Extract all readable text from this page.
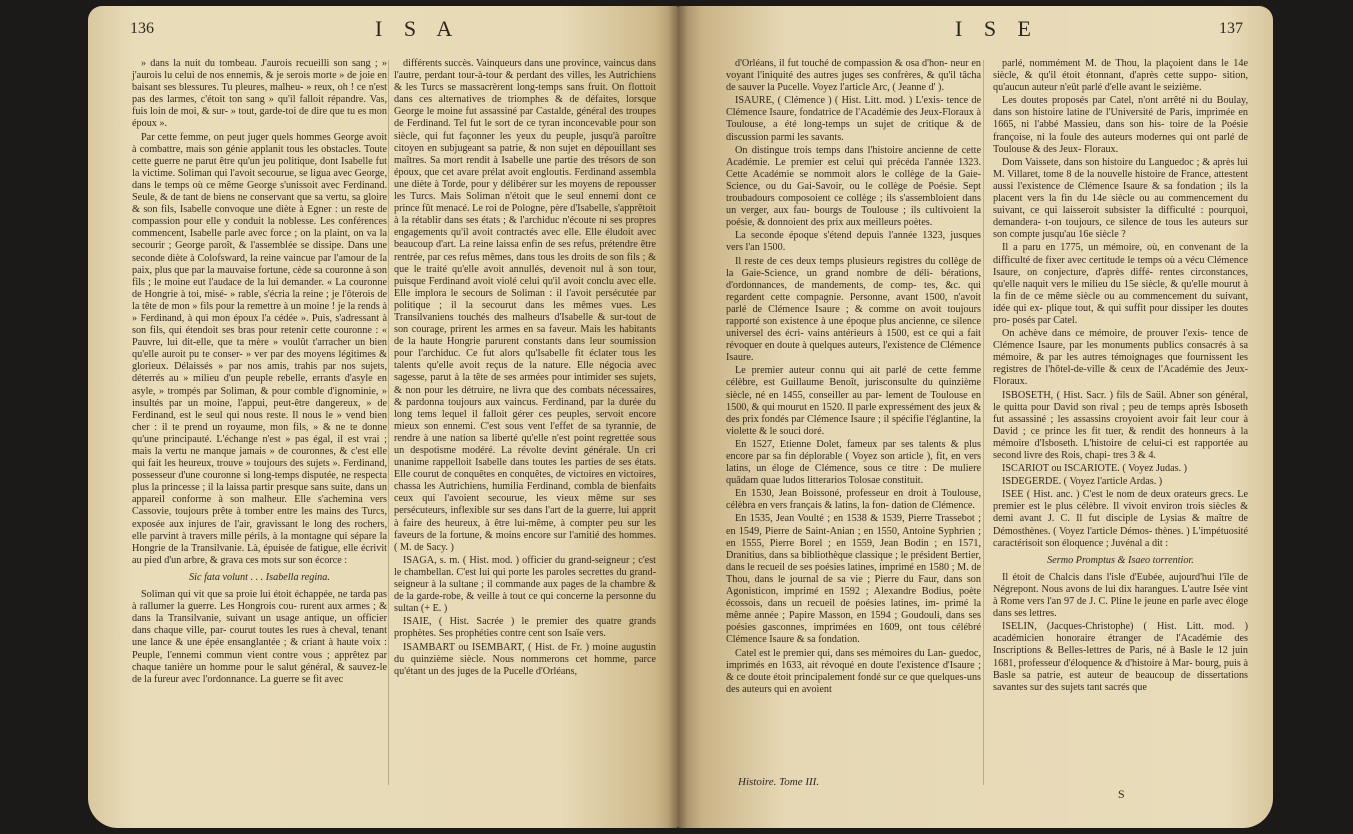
136	I S A

» dans la nuit du tombeau. J'aurois recueilli son sang ; » j'aurois lu celui de nos ennemis, & je serois morte » de joie en baisant ses blessures. Tu pleures, malheu- » reux, oh ! ce n'est pas des larmes, c'étoit ton sang » qu'il falloit répandre. Vas, fuis loin de moi, & sur- » tout, garde-toi de dire que tu es mon époux ».

Par cette femme, on peut juger quels hommes George avoit à combattre, mais son génie applanit tous les obstacles. Toute cette guerre ne parut être qu'un jeu politique, dont Isabelle fut la victime. Soliman qui l'avoit secourue, se ligua avec George, dans le temps où ce même George s'unissoit avec Ferdinand. Seule, & de tant de biens ne conservant que sa vertu, sa gloire & son fils, Isabelle convoque une diète à Egner : un reste de compassion pour elle y conduit la noblesse. Les conférences commencent, Isabelle parle avec force ; on la plaint, on va la secourir ; George paroît, & l'assemblée se dissipe. Dans une seconde diète à Colofsward, la reine vaincue par l'amour de la paix, plus que par la mauvaise fortune, cède sa couronne à son fils ; le moine eut l'audace de la lui demander. « La couronne de Hongrie à toi, misé- » rable, s'écria la reine ; je l'ôterois de la tête de mon » fils pour la remettre à un moine ! je la rends à » Ferdinand, à qui mon époux l'a cédée ». Puis, s'adressant à son fils, qui étendoit ses bras pour retenir cette couronne : « Pauvre, lui dit-elle, que ta mère » voulût t'arracher un bien qu'elle auroit pu te conser- » ver par des moyens légitimes & glorieux. Délaissés » par nos amis, trahis par nos sujets, déterrés au » milieu d'un peuple rebelle, errants d'asyle en asyle, » trompés par Soliman, & pour comble d'ignominie, » insultés par un moine, l'appui, peut-être dangereux, » de Ferdinand, est le seul qui nous reste. Il nous le » vend bien cher : il te prend un royaume, mon fils, » & ne te donne qu'une principauté. L'échange n'est » pas égal, il est vrai ; mais la vertu ne manque jamais » de couronnes, & c'est elle qui fait les heureux, trouve » toujours des sujets ». Ferdinand, possesseur d'une couronne si long-temps disputée, ne respecta plus la princesse ; il la laissa partir presque sans suite, dans un appareil conforme à son malheur. Elle s'achemina vers Cassovie, toujours prête à tomber entre les mains des Turcs, exposée aux injures de l'air, gravissant le long des rochers, elle parvint à travers mille périls, à la montagne qui sépare la Hongrie de la Transilvanie. Là, épuisée de fatigue, elle écrivit au pied d'un arbre, & grava ces mots sur son écorce :

Sic fata volunt . . . Isabella regina.

Soliman qui vit que sa proie lui étoit échappée, ne tarda pas à rallumer la guerre. Les Hongrois cou- rurent aux armes ; & dans la Transilvanie, suivant un usage antique, un officier dans chaque ville, par- courut toutes les rues à cheval, tenant une lance & une épée ensanglantée ; & criant à haute voix : Peuple, l'ennemi commun vient contre vous ; apprêtez par chaque tanière un homme pour le salut général, & sauvez-le de la fureur avec l'ordonnance. La guerre se fit avec

différents succès. Vainqueurs dans une province, vaincus dans l'autre, perdant tour-à-tour & perdant des villes, les Autrichiens & les Turcs se massacrèrent long-temps sans fruit. On flottoit dans ces alternatives de triomphes & de défaites, lorsque George le moine fut assassiné par Castalde, général des troupes de Ferdinand. Tel fut le sort de ce tyran inconcevable pour son siècle, qui fut façonner les yeux du peuple, jusqu'à paroître citoyen en subjugeant sa patrie, & non sujet en dépouillant ses maîtres. Sa mort rendit à Isabelle une partie des trésors de son époux, que cet avare prélat avoit engloutis. Ferdinand assembla une diète à Torde, pour y délibérer sur les moyens de repousser les Turcs. Mais Soliman n'étoit que le seul ennemi dont ce prince fût menacé. Le roi de Pologne, père d'Isabelle, s'apprêtoit à la rétablir dans ses états ; & l'archiduc n'écoute ni ses propres engagements qu'il avoit contractés avec elle. Elle éludoit avec beaucoup d'art. La reine laissa enfin de ses refus, prétendre être rentrée, par ces refus mêmes, dans tous les droits de son fils ; & que le traité qu'elle avoit annullés, devenoit nul à son tour, puisque Ferdinand avoit violé celui qu'il avoit conclu avec elle. Elle implora le secours de Soliman : il l'avoit persécutée par politique ; il la secourut dans les mêmes vues. Les Transilvaniens touchés des malheurs d'Isabelle & sur-tout de son courage, prirent les armes en sa faveur. Mais les habitants de la haute Hongrie parurent constants dans leur soumission pour l'archiduc. Ce fut alors qu'Isabelle fit éclater tous les talents qu'elle avoit reçus de la nature. Elle négocia avec sagesse, parut à la tête de ses armées pour intimider ses sujets, & non pour les détruire, ne livra que des combats nécessaires, & pardonna toujours aux vaincus. Ferdinand, par la durée du long tems lequel il falloit gérer ces peuples, servoit encore mieux son ennemi. C'est sous vent l'effet de sa tyrannie, de rendre à une nation sa liberté qu'elle n'est point regrettée sous un despotisme modéré. La révolte devint générale. Un cri unanime rappelloit Isabelle dans toutes les parties de ses états. Elle courut de conquêtes en conquêtes, de victoires en victoires, chassa les Autrichiens, humilia Ferdinand, combla de bienfaits ceux qui l'avoient secourue, les vieux même sur ses persécuteurs, inflexible sur ses dans l'art de la guerre, lui apprit à faire des heureux, à être lui-même, à compter peu sur les faveurs de la fortune, & moins encore sur l'amitié des hommes. ( M. de Sacy. )

ISAGA, s. m. ( Hist. mod. ) officier du grand-seigneur ; c'est le chambellan. C'est lui qui porte les paroles secrettes du grand-seigneur à la sultane ; il commande aux pages de la chambre & de la garde-robe, & veille à tout ce qui concerne la personne du sultan (+ E. )

ISAIE, ( Hist. Sacrée ) le premier des quatre grands prophètes. Ses prophéties contre cent son Isaïe vers.

ISAMBART ou ISEMBART, ( Hist. de Fr. ) moine augustin du quinzième siècle. Nous nommerons cet homme, parce qu'étant un des juges de la Pucelle d'Orléans,

I S E	137

d'Orléans, il fut touché de compassion & osa d'hon- neur en voyant l'iniquité des autres juges ses confrères, & qu'il tâcha de sauver la Pucelle. Voyez l'article Arc, ( Jeanne d' ).

ISAURE, ( Clémence ) ( Hist. Litt. mod. ) L'exis- tence de Clémence Isaure, fondatrice de l'Académie des Jeux-Floraux à Toulouse, a été long-temps un sujet de critique & de discussion parmi les savants.

On distingue trois temps dans l'histoire ancienne de cette Académie. Le premier est celui qui précéda l'année 1323. Cette Académie se nommoit alors le collège de la Gaie-Science, ou du Gai-Savoir, ou le collège de Poésie. Sept troubadours composoient ce collège ; ils s'assembloient dans un verger, aux fau- bourgs de Toulouse ; ils cultivoient la poésie, & donnoient des prix aux meilleurs poètes.

La seconde époque s'étend depuis l'année 1323, jusques vers l'an 1500.

Il reste de ces deux temps plusieurs registres du collège de la Gaie-Science, un grand nombre de déli- bérations, d'ordonnances, de mandements, de comp- tes, &c. qui regardent cette compagnie. Personne, avant 1500, n'avoit parlé de Clémence Isaure ; & comme on avoit toujours rapporté son existence à une époque plus ancienne, ce silence universel des écri- vains antérieurs à 1500, est ce qui a fait révoquer en doute à quelques auteurs, l'existence de Clémence Isaure.

Le premier auteur connu qui ait parlé de cette femme célèbre, est Guillaume Benoît, jurisconsulte du quinzième siècle, né en 1455, conseiller au par- lement de Toulouse en 1500, & qui mourut en 1520. Il parle expressément des jeux & des prix fondés par Clémence Isaure ; il spécifie l'églantine, la violette & le souci doré.

En 1527, Etienne Dolet, fameux par ses talents & plus encore par sa fin déplorable ( Voyez son article ), fit, en vers latins, un éloge de Clémence, sous ce titre : De muliere quâdam quae ludos litterarios Tolosae constituit.

En 1530, Jean Boissoné, professeur en droit à Toulouse, célèbra en vers français & latins, la fon- dation de Clémence.

En 1535, Jean Voulté ; en 1538 & 1539, Pierre Trassebot ; en 1549, Pierre de Saint-Anian ; en 1550, Antoine Syphrien ; en 1555, Pierre Borel ; en 1559, Jean Bodin ; en 1571, Dranitius, dans sa bibliothèque classique ; le président Bertier, dans le recueil de ses poésies latines, imprimé en 1580 ; M. de Thou, dans le journal de sa vie ; Pierre du Faur, dans son Agonisticon, imprimé en 1592 ; Alexandre Bodius, poète écossois, dans un recueil de poésies latines, im- primé la même année ; Papire Masson, en 1594 ; Goudouli, dans ses poésies gasconnes, imprimées en 1609, ont tous célébré Clémence Isaure & sa fondation.

Catel est le premier qui, dans ses mémoires du Lan- guedoc, imprimés en 1633, ait révoqué en doute l'existence d'Isaure ; & ce doute étoit principalement fondé sur ce que quelques-uns des auteurs qui en avoient

parlé, nommément M. de Thou, la plaçoient dans le 14e siècle, & qu'il étoit étonnant, d'après cette suppo- sition, qu'aucun auteur n'eût parlé d'elle avant le seizième.

Les doutes proposés par Catel, n'ont arrêté ni du Boulay, dans son histoire latine de l'Université de Paris, imprimée en 1665, ni l'abbé Massieu, dans son his- toire de la Poésie françoise, ni la foule des auteurs modernes qui ont parlé de Toulouse & des Jeux- Floraux.

Dom Vaissete, dans son histoire du Languedoc ; & après lui M. Villaret, tome 8 de la nouvelle histoire de France, attestent aussi l'existence de Clémence Isaure & sa fondation ; ils la placent vers la fin du 14e siècle ou au commencement du suivant, ce qui laisseroit subsister la difficulté : pourquoi, demandera- t-on toujours, ce silence de tous les auteurs sur son compte jusqu'au 16e siècle ?

Il a paru en 1775, un mémoire, où, en convenant de la difficulté de fixer avec certitude le temps où a vécu Clémence Isaure, on conjecture, d'après diffé- rentes circonstances, qu'elle naquit vers le milieu du 15e siècle, & qu'elle mourut à la fin de ce même siècle ou au commencement du suivant, idée qui ex- plique tout, & qui suffit pour dissiper les doutes pro- posés par Catel.

On achève dans ce mémoire, de prouver l'exis- tence de Clémence Isaure, par les monuments publics consacrés à sa mémoire, & par les autres témoignages que fournissent les registres de l'hôtel-de-ville & ceux de l'Académie des Jeux-Floraux.

ISBOSETH, ( Hist. Sacr. ) fils de Saül. Abner son général, le quitta pour David son rival ; peu de temps après Isboseth fut assassiné ; les assassins croyoient avoir fait leur cour à David ; ce prince les fit tuer, & rendit des honneurs à la mémoire d'Isboseth. L'histoire de celui-ci est rapportée au second livre des Rois, chapi- tres 3 & 4.

ISCARIOT ou ISCARIOTE. ( Voyez Judas. )

ISDEGERDE. ( Voyez l'article Ardas. )

ISEE ( Hist. anc. ) C'est le nom de deux orateurs grecs. Le premier est le plus célèbre. Il vivoit environ trois siècles & demi avant J. C. Il fut disciple de Lysias & maître de Démosthènes. ( Voyez l'article Démos- thènes. ) L'impétuosité caractérisoit son éloquence ; Juvénal a dit :

Sermo Promptus & Isaeo torrentior.

Il étoit de Chalcis dans l'isle d'Eubée, aujourd'hui l'île de Négrepont. Nous avons de lui dix harangues. L'autre Isée vint à Rome vers l'an 97 de J. C. Pline le jeune en parle avec éloge dans ses lettres.

ISELIN, (Jacques-Christophe) ( Hist. Litt. mod. ) académicien honoraire étranger de l'Académie des Inscriptions & Belles-lettres de Paris, né à Basle le 12 juin 1681, professeur d'éloquence & d'histoire à Mar- bourg, puis à Basle sa patrie, est auteur de beaucoup de dissertations savantes sur des sujets tant sacrés que

Histoire. Tome III.
S
